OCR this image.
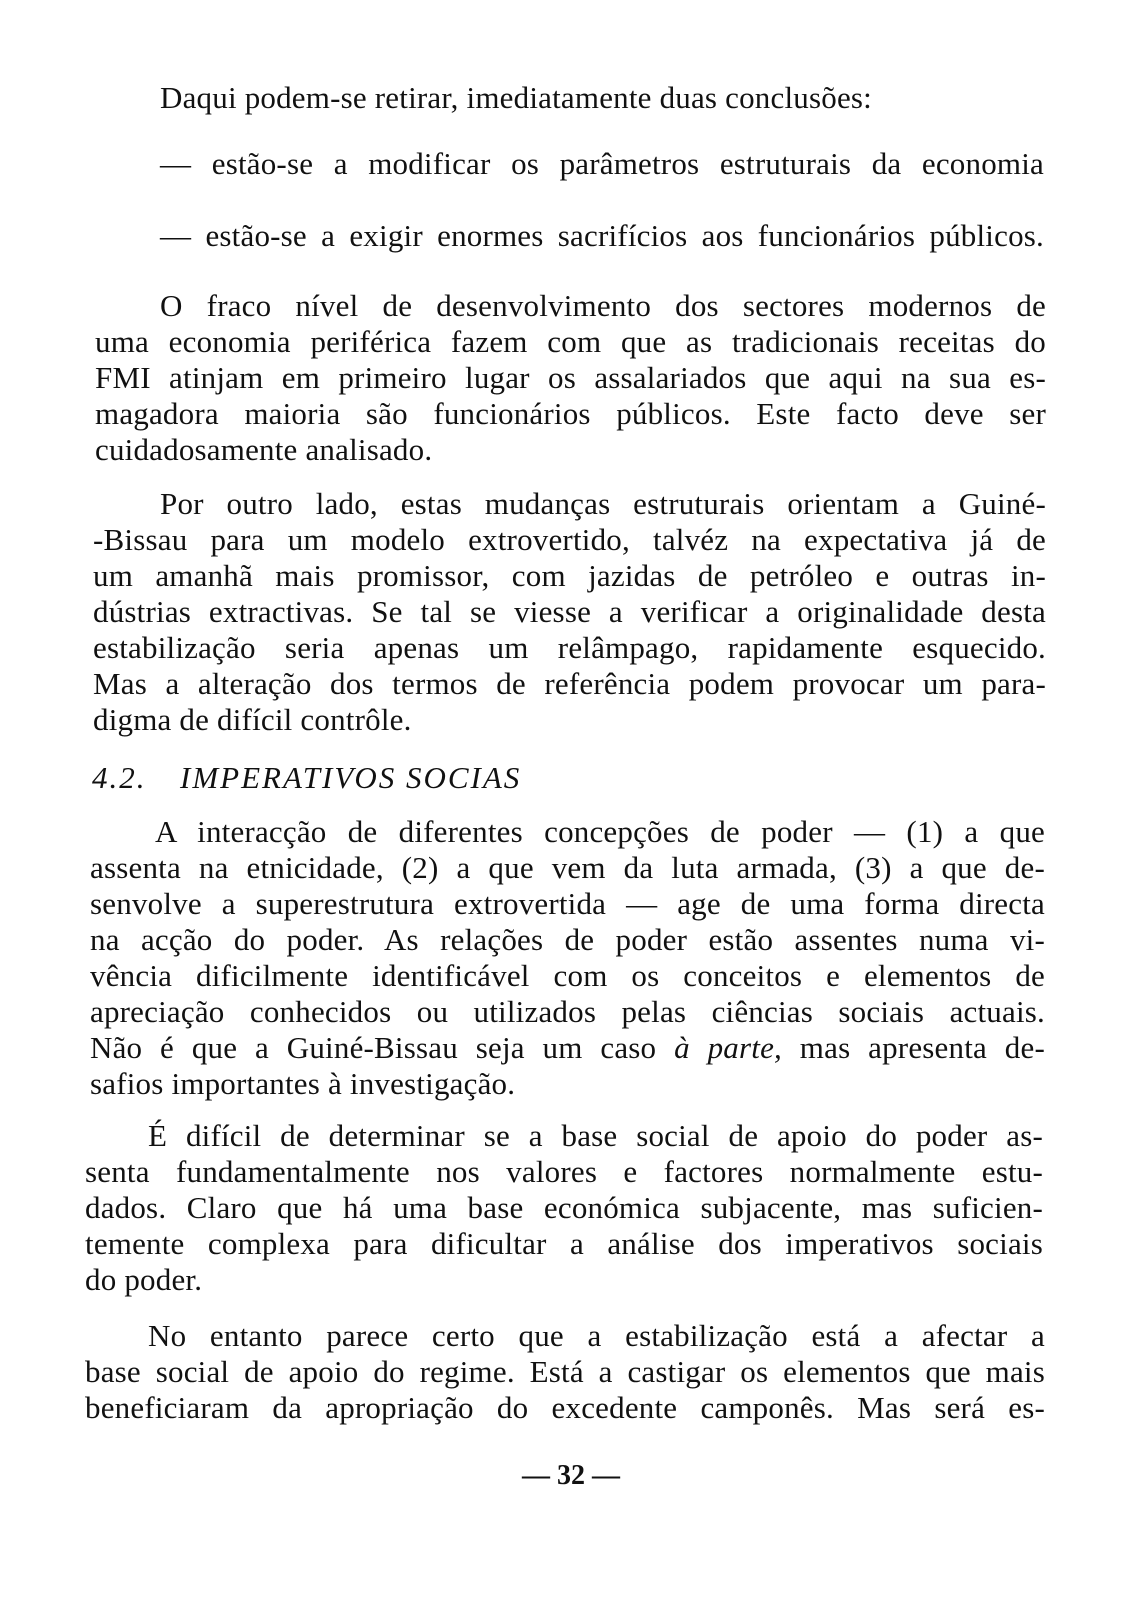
Daqui podem-se retirar, imediatamente duas conclusões:
— estão-se a modificar os parâmetros estruturais da economia
— estão-se a exigir enormes sacrifícios aos funcionários públicos.
O fraco nível de desenvolvimento dos sectores modernos de
uma economia periférica fazem com que as tradicionais receitas do
FMI atinjam em primeiro lugar os assalariados que aqui na sua es-
magadora maioria são funcionários públicos. Este facto deve ser
cuidadosamente analisado.
Por outro lado, estas mudanças estruturais orientam a Guiné-
-Bissau para um modelo extrovertido, talvéz na expectativa já de
um amanhã mais promissor, com jazidas de petróleo e outras in-
dústrias extractivas. Se tal se viesse a verificar a originalidade desta
estabilização seria apenas um relâmpago, rapidamente esquecido.
Mas a alteração dos termos de referência podem provocar um para-
digma de difícil contrôle.
4.2. IMPERATIVOS SOCIAS
A interacção de diferentes concepções de poder — (1) a que
assenta na etnicidade, (2) a que vem da luta armada, (3) a que de-
senvolve a superestrutura extrovertida — age de uma forma directa
na acção do poder. As relações de poder estão assentes numa vi-
vência dificilmente identificável com os conceitos e elementos de
apreciação conhecidos ou utilizados pelas ciências sociais actuais.
Não é que a Guiné-Bissau seja um caso à parte, mas apresenta de-
safios importantes à investigação.
É difícil de determinar se a base social de apoio do poder as-
senta fundamentalmente nos valores e factores normalmente estu-
dados. Claro que há uma base económica subjacente, mas suficien-
temente complexa para dificultar a análise dos imperativos sociais
do poder.
No entanto parece certo que a estabilização está a afectar a
base social de apoio do regime. Está a castigar os elementos que mais
beneficiaram da apropriação do excedente camponês. Mas será es-
— 32 —
